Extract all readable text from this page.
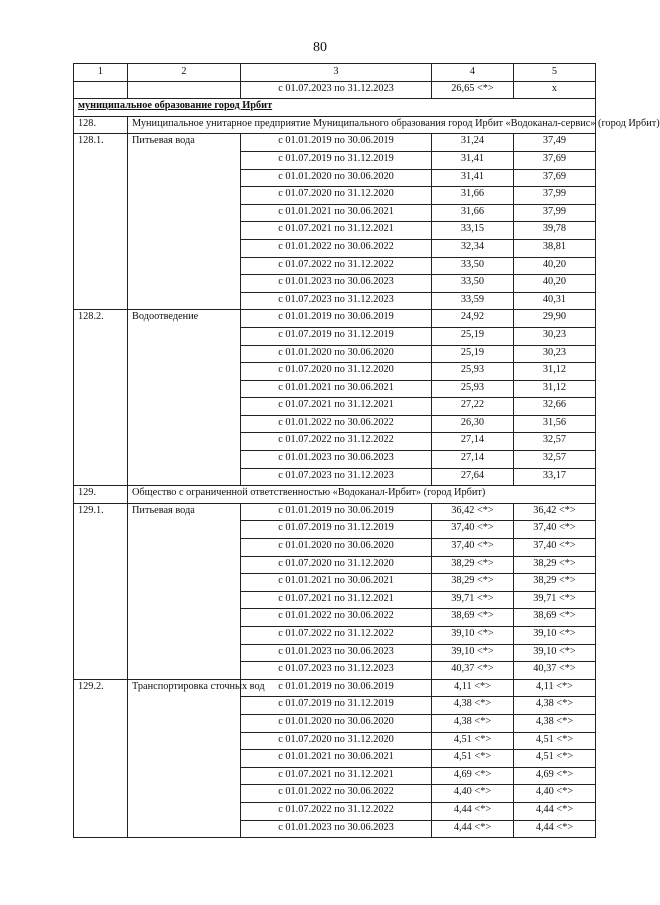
80
1	2	3	4	5
		с 01.07.2023 по 31.12.2023	26,65 <*>	х
муниципальное образование город Ирбит				
128.	Муниципальное унитарное предприятие Муниципального образования город Ирбит «Водоканал-сервис» (город Ирбит)			
128.1.	Питьевая вода	с 01.01.2019 по 30.06.2019	31,24	37,49
		с 01.07.2019 по 31.12.2019	31,41	37,69
		с 01.01.2020 по 30.06.2020	31,41	37,69
		с 01.07.2020 по 31.12.2020	31,66	37,99
		с 01.01.2021 по 30.06.2021	31,66	37,99
		с 01.07.2021 по 31.12.2021	33,15	39,78
		с 01.01.2022 по 30.06.2022	32,34	38,81
		с 01.07.2022 по 31.12.2022	33,50	40,20
		с 01.01.2023 по 30.06.2023	33,50	40,20
		с 01.07.2023 по 31.12.2023	33,59	40,31
128.2.	Водоотведение	с 01.01.2019 по 30.06.2019	24,92	29,90
		с 01.07.2019 по 31.12.2019	25,19	30,23
		с 01.01.2020 по 30.06.2020	25,19	30,23
		с 01.07.2020 по 31.12.2020	25,93	31,12
		с 01.01.2021 по 30.06.2021	25,93	31,12
		с 01.07.2021 по 31.12.2021	27,22	32,66
		с 01.01.2022 по 30.06.2022	26,30	31,56
		с 01.07.2022 по 31.12.2022	27,14	32,57
		с 01.01.2023 по 30.06.2023	27,14	32,57
		с 01.07.2023 по 31.12.2023	27,64	33,17
129.	Общество с ограниченной ответственностью «Водоканал-Ирбит» (город Ирбит)			
129.1.	Питьевая вода	с 01.01.2019 по 30.06.2019	36,42 <*>	36,42 <*>
		с 01.07.2019 по 31.12.2019	37,40 <*>	37,40 <*>
		с 01.01.2020 по 30.06.2020	37,40 <*>	37,40 <*>
		с 01.07.2020 по 31.12.2020	38,29 <*>	38,29 <*>
		с 01.01.2021 по 30.06.2021	38,29 <*>	38,29 <*>
		с 01.07.2021 по 31.12.2021	39,71 <*>	39,71 <*>
		с 01.01.2022 по 30.06.2022	38,69 <*>	38,69 <*>
		с 01.07.2022 по 31.12.2022	39,10 <*>	39,10 <*>
		с 01.01.2023 по 30.06.2023	39,10 <*>	39,10 <*>
		с 01.07.2023 по 31.12.2023	40,37 <*>	40,37 <*>
129.2.	Транспортировка сточных вод	с 01.01.2019 по 30.06.2019	4,11 <*>	4,11 <*>
		с 01.07.2019 по 31.12.2019	4,38 <*>	4,38 <*>
		с 01.01.2020 по 30.06.2020	4,38 <*>	4,38 <*>
		с 01.07.2020 по 31.12.2020	4,51 <*>	4,51 <*>
		с 01.01.2021 по 30.06.2021	4,51 <*>	4,51 <*>
		с 01.07.2021 по 31.12.2021	4,69 <*>	4,69 <*>
		с 01.01.2022 по 30.06.2022	4,40 <*>	4,40 <*>
		с 01.07.2022 по 31.12.2022	4,44 <*>	4,44 <*>
		с 01.01.2023 по 30.06.2023	4,44 <*>	4,44 <*>
